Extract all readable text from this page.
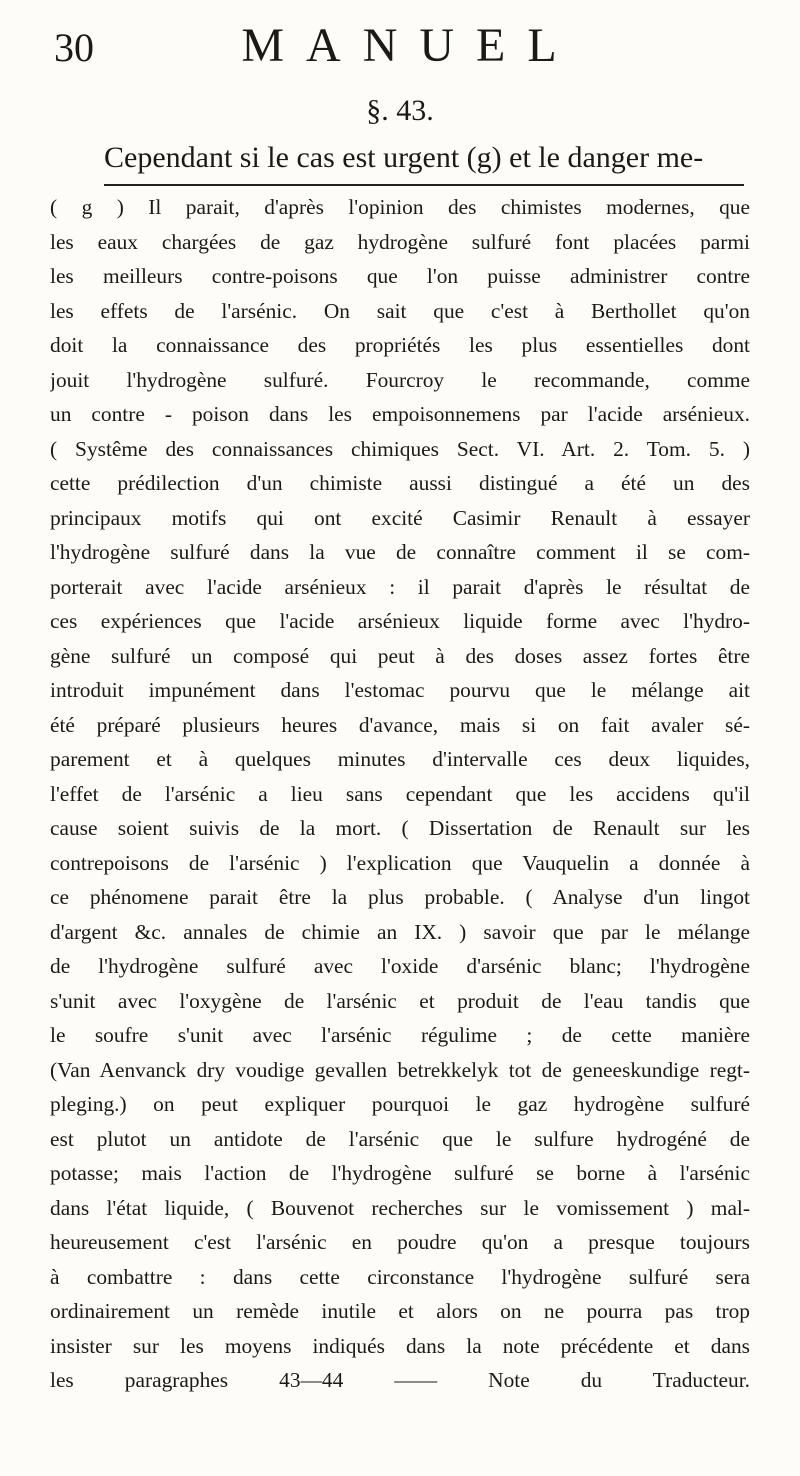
30	MANUEL
§. 43.
Cependant si le cas est urgent (g) et le danger me-
( g ) Il parait, d'après l'opinion des chimistes modernes, que
les eaux chargées de gaz hydrogène sulfuré font placées parmi
les meilleurs contre-poisons que l'on puisse administrer contre
les effets de l'arsénic. On sait que c'est à Berthollet qu'on
doit la connaissance des propriétés les plus essentielles dont
jouit l'hydrogène sulfuré. Fourcroy le recommande, comme
un contre - poison dans les empoisonnemens par l'acide arsénieux.
( Systême des connaissances chimiques Sect. VI. Art. 2. Tom. 5. )
cette prédilection d'un chimiste aussi distingué a été un des
principaux motifs qui ont excité Casimir Renault à essayer
l'hydrogène sulfuré dans la vue de connaître comment il se com-
porterait avec l'acide arsénieux : il parait d'après le résultat de
ces expériences que l'acide arsénieux liquide forme avec l'hydro-
gène sulfuré un composé qui peut à des doses assez fortes être
introduit impunément dans l'estomac pourvu que le mélange ait
été préparé plusieurs heures d'avance, mais si on fait avaler sé-
parement et à quelques minutes d'intervalle ces deux liquides,
l'effet de l'arsénic a lieu sans cependant que les accidens qu'il
cause soient suivis de la mort. ( Dissertation de Renault sur les
contrepoisons de l'arsénic ) l'explication que Vauquelin a donnée à
ce phénomene parait être la plus probable. ( Analyse d'un lingot
d'argent &c. annales de chimie an IX. ) savoir que par le mélange
de l'hydrogène sulfuré avec l'oxide d'arsénic blanc; l'hydrogène
s'unit avec l'oxygène de l'arsénic et produit de l'eau tandis que
le soufre s'unit avec l'arsénic régulime ; de cette manière
(Van Aenvanck dry voudige gevallen betrekkelyk tot de geneeskundige regt-
pleging.) on peut expliquer pourquoi le gaz hydrogène sulfuré
est plutot un antidote de l'arsénic que le sulfure hydrogéné de
potasse; mais l'action de l'hydrogène sulfuré se borne à l'arsénic
dans l'état liquide, ( Bouvenot recherches sur le vomissement ) mal-
heureusement c'est l'arsénic en poudre qu'on a presque toujours
à combattre : dans cette circonstance l'hydrogène sulfuré sera
ordinairement un remède inutile et alors on ne pourra pas trop
insister sur les moyens indiqués dans la note précédente et dans
les paragraphes 43—44 —— Note du Traducteur.
